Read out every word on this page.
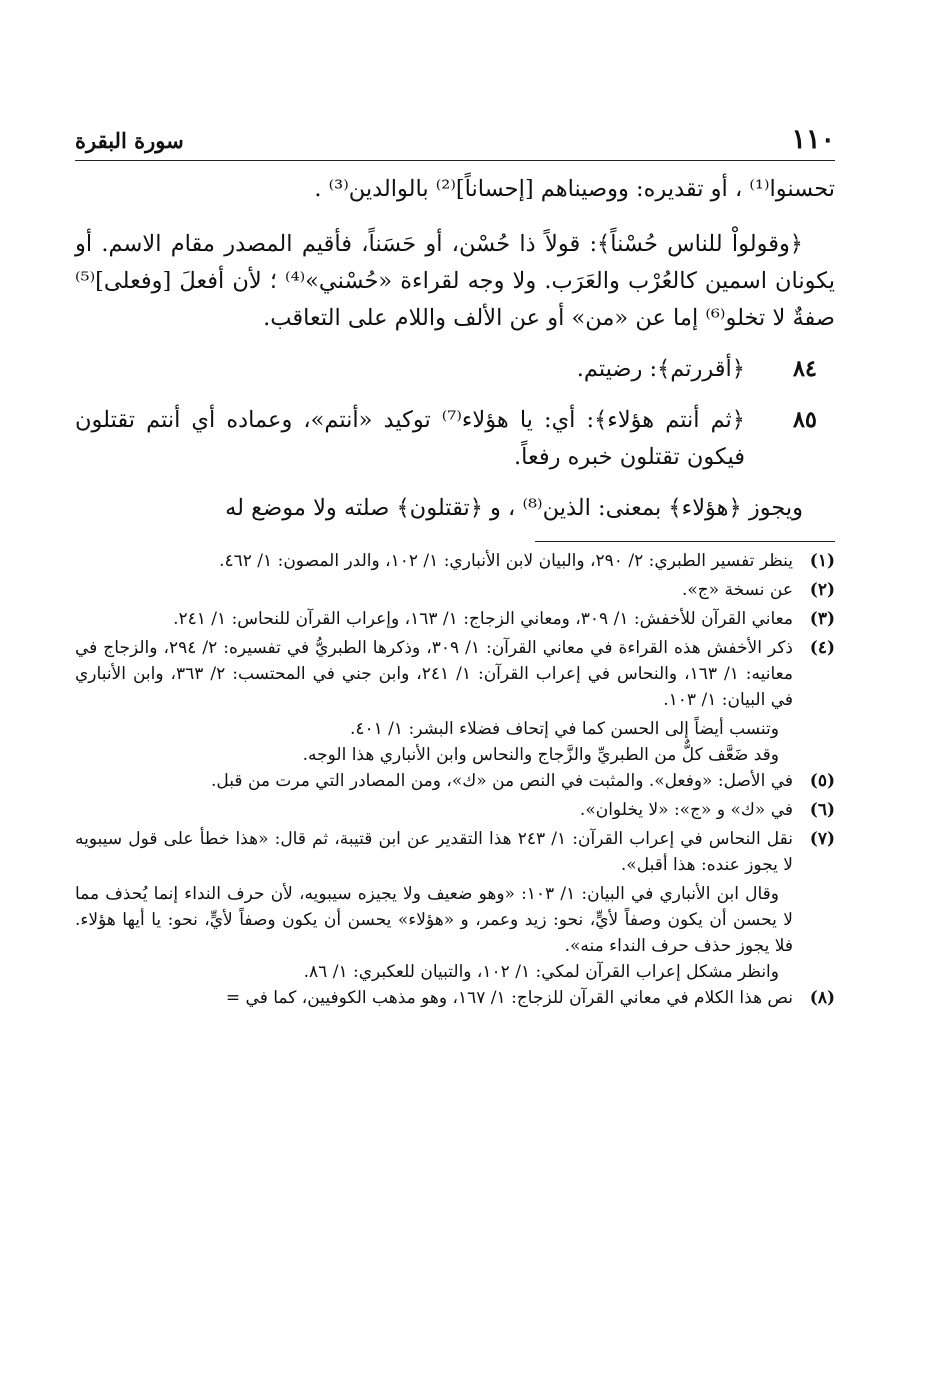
١١٠
سورة البقرة

تحسنوا⁽¹⁾ ، أو تقديره: ووصيناهم [إحساناً]⁽²⁾ بالوالدين⁽³⁾ .

﴿وقولواْ للناس حُسْناً﴾: قولاً ذا حُسْن، أو حَسَناً، فأقيم المصدر مقام الاسم. أو يكونان اسمين كالعُرْب والعَرَب. ولا وجه لقراءة «حُسْني»⁽⁴⁾ ؛ لأن أفعلَ [وفعلى]⁽⁵⁾ صفةٌ لا تخلو⁽⁶⁾ إما عن «من» أو عن الألف واللام على التعاقب.

٨٤
﴿أقررتم﴾: رضيتم.
٨٥
﴿ثم أنتم هؤلاء﴾: أي: يا هؤلاء⁽⁷⁾ توكيد «أنتم»، وعماده أي أنتم تقتلون فيكون تقتلون خبره رفعاً.

ويجوز ﴿هؤلاء﴾ بمعنى: الذين⁽⁸⁾ ، و ﴿تقتلون﴾ صلته ولا موضع له

(١)
ينظر تفسير الطبري: ٢/ ٢٩٠، والبيان لابن الأنباري: ١/ ١٠٢، والدر المصون: ١/ ٤٦٢.
(٢)
عن نسخة «ج».
(٣)
معاني القرآن للأخفش: ١/ ٣٠٩، ومعاني الزجاج: ١/ ١٦٣، وإعراب القرآن للنحاس: ١/ ٢٤١.
(٤)
ذكر الأخفش هذه القراءة في معاني القرآن: ١/ ٣٠٩، وذكرها الطبريُّ في تفسيره: ٢/ ٢٩٤، والزجاج في معانيه: ١/ ١٦٣، والنحاس في إعراب القرآن: ١/ ٢٤١، وابن جني في المحتسب: ٢/ ٣٦٣، وابن الأنباري في البيان: ١/ ١٠٣.

وتنسب أيضاً إلى الحسن كما في إتحاف فضلاء البشر: ١/ ٤٠١.

وقد ضَعَّف كلٌّ من الطبريِّ والزَّجاج والنحاس وابن الأنباري هذا الوجه.

(٥)
في الأصل: «وفعل». والمثبت في النص من «ك»، ومن المصادر التي مرت من قبل.
(٦)
في «ك» و «ج»: «لا يخلوان».
(٧)
نقل النحاس في إعراب القرآن: ١/ ٢٤٣ هذا التقدير عن ابن قتيبة، ثم قال: «هذا خطأ على قول سيبويه لا يجوز عنده: هذا أقبل».

وقال ابن الأنباري في البيان: ١/ ١٠٣: «وهو ضعيف ولا يجيزه سيبويه، لأن حرف النداء إنما يُحذف مما لا يحسن أن يكون وصفاً لأيٍّ، نحو: زيد وعمر، و «هؤلاء» يحسن أن يكون وصفاً لأيٍّ، نحو: يا أيها هؤلاء. فلا يجوز حذف حرف النداء منه».

وانظر مشكل إعراب القرآن لمكي: ١/ ١٠٢، والتبيان للعكبري: ١/ ٨٦.

(٨)
نص هذا الكلام في معاني القرآن للزجاج: ١/ ١٦٧، وهو مذهب الكوفيين، كما في =
